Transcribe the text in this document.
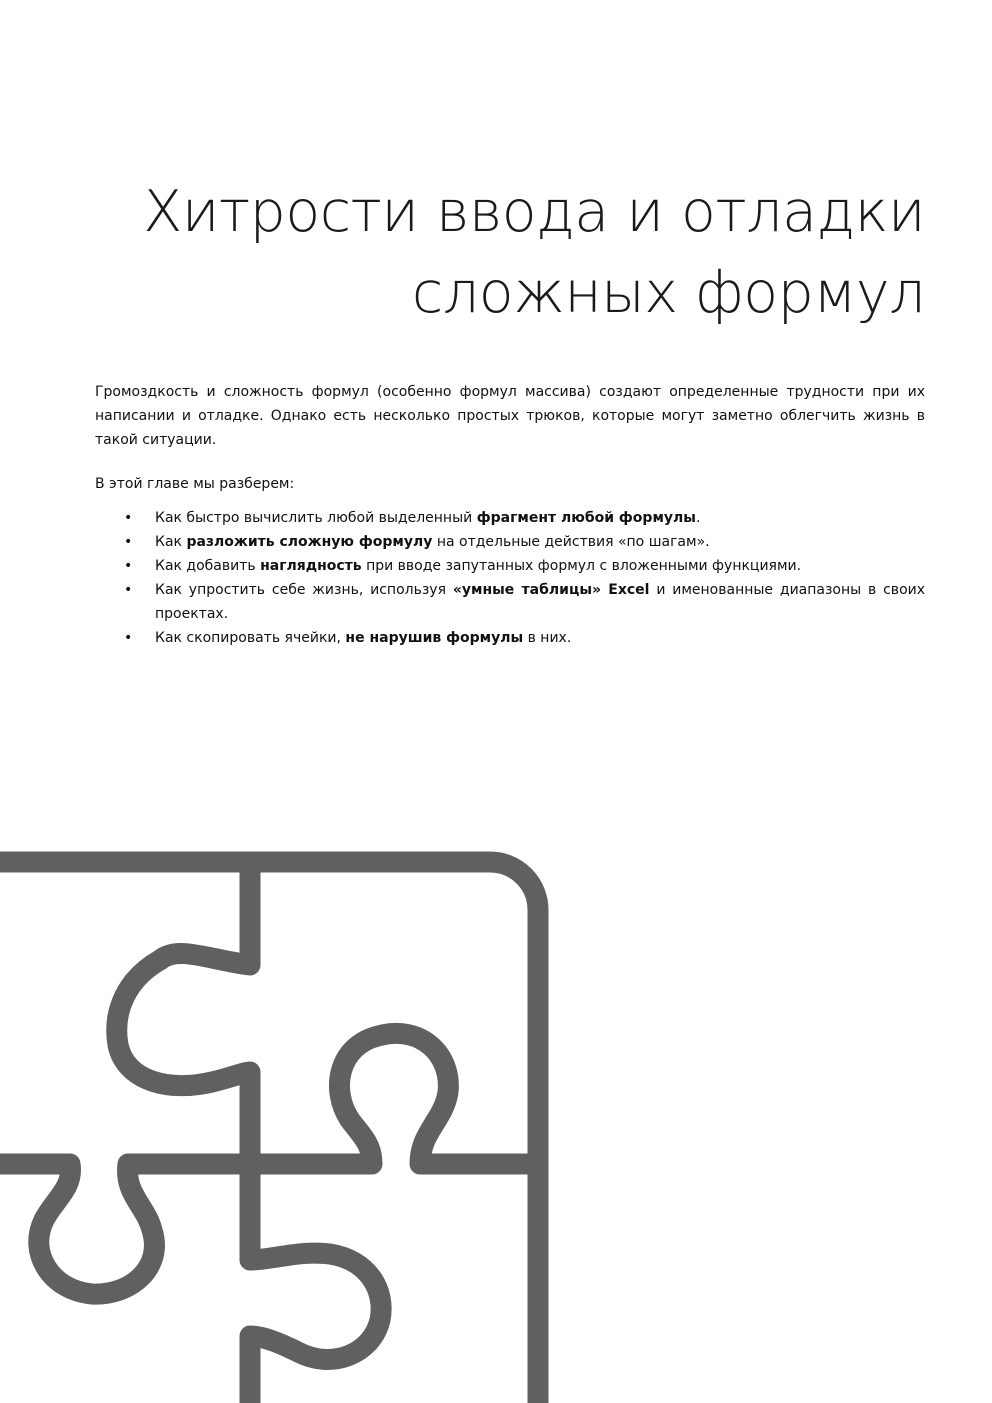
Хитрости ввода и отладки
сложных формул

Громоздкость и сложность формул (особенно формул массива) создают определенные трудности при их написании и отладке. Однако есть несколько простых трюков, которые могут заметно облегчить жизнь в такой ситуации.

В этой главе мы разберем:

• Как быстро вычислить любой выделенный фрагмент любой формулы.
• Как разложить сложную формулу на отдельные действия «по шагам».
• Как добавить наглядность при вводе запутанных формул с вложенными функциями.
• Как упростить себе жизнь, используя «умные таблицы» Excel и именованные диапазоны в своих проектах.
• Как скопировать ячейки, не нарушив формулы в них.
